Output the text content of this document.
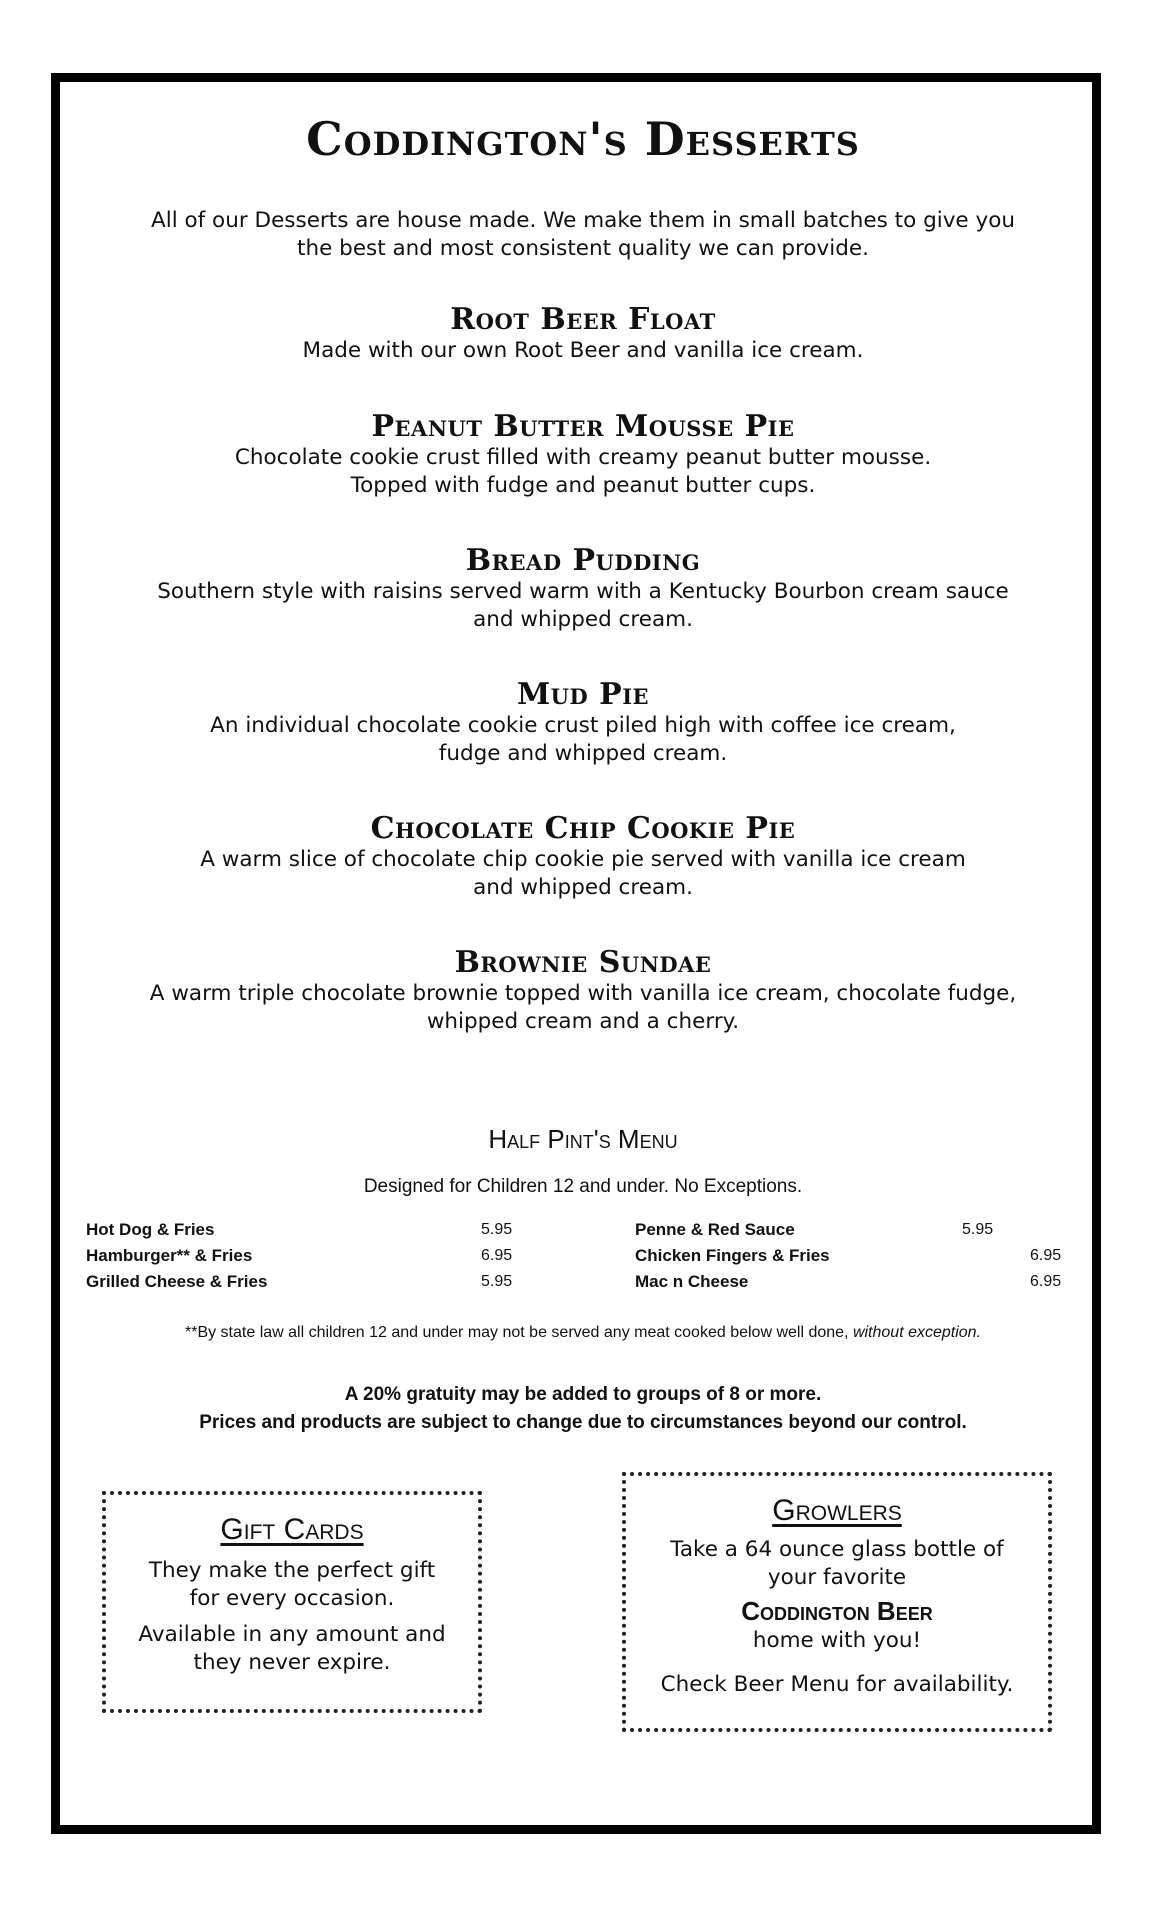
Coddington's Desserts
All of our Desserts are house made. We make them in small batches to give you
the best and most consistent quality we can provide.
Root Beer Float
Made with our own Root Beer and vanilla ice cream.
Peanut Butter Mousse Pie
Chocolate cookie crust filled with creamy peanut butter mousse.
Topped with fudge and peanut butter cups.
Bread Pudding
Southern style with raisins served warm with a Kentucky Bourbon cream sauce
and whipped cream.
Mud Pie
An individual chocolate cookie crust piled high with coffee ice cream,
fudge and whipped cream.
Chocolate Chip Cookie Pie
A warm slice of chocolate chip cookie pie served with vanilla ice cream
and whipped cream.
Brownie Sundae
A warm triple chocolate brownie topped with vanilla ice cream, chocolate fudge,
whipped cream and a cherry.
Half Pint's Menu
Designed for Children 12 and under. No Exceptions.
Hot Dog & Fries	5.95
Hamburger** & Fries	6.95
Grilled Cheese & Fries	5.95
Penne & Red Sauce	5.95
Chicken Fingers & Fries	6.95
Mac n Cheese	6.95
**By state law all children 12 and under may not be served any meat cooked below well done, without exception.
A 20% gratuity may be added to groups of 8 or more.
Prices and products are subject to change due to circumstances beyond our control.
Gift Cards
They make the perfect gift
for every occasion.
Available in any amount and
they never expire.
Growlers
Take a 64 ounce glass bottle of
your favorite
Coddington Beer
home with you!
Check Beer Menu for availability.
